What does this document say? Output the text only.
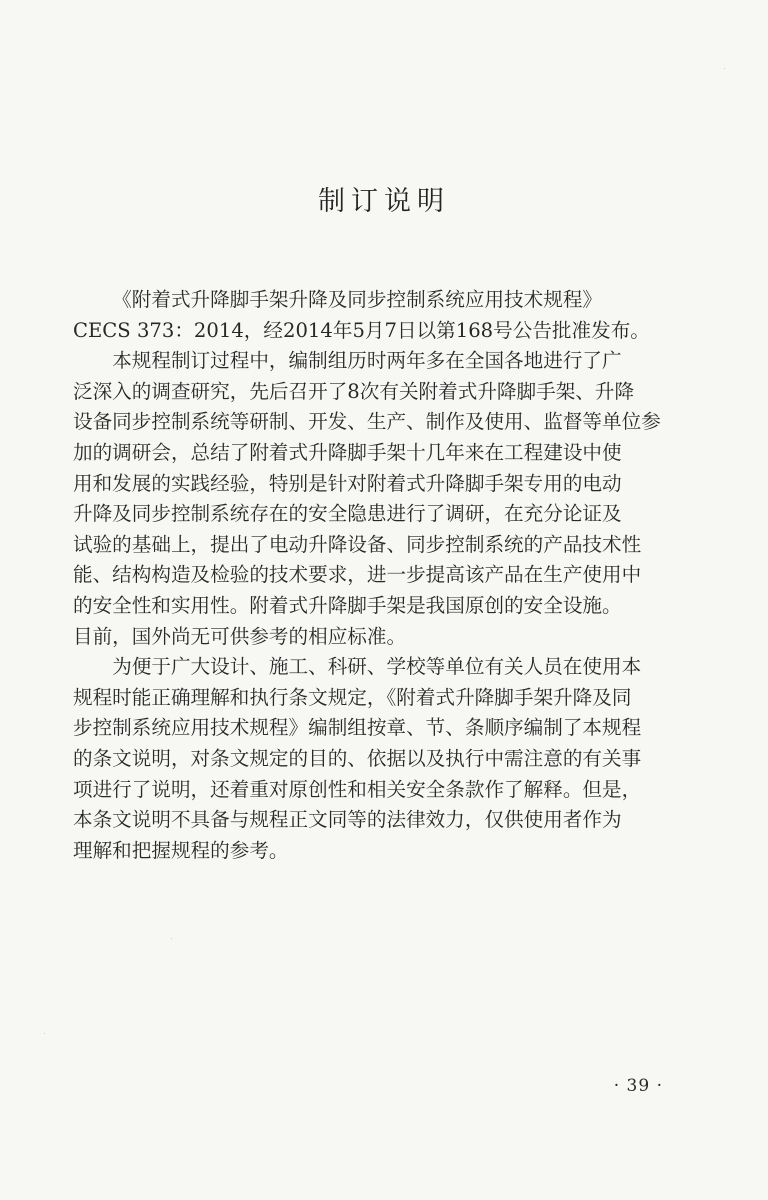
制订说明

《附着式升降脚手架升降及同步控制系统应用技术规程》

CECS 373：2014，经2014年5月7日以第168号公告批准发布。

本规程制订过程中，编制组历时两年多在全国各地进行了广

泛深入的调查研究，先后召开了8次有关附着式升降脚手架、升降

设备同步控制系统等研制、开发、生产、制作及使用、监督等单位参

加的调研会，总结了附着式升降脚手架十几年来在工程建设中使

用和发展的实践经验，特别是针对附着式升降脚手架专用的电动

升降及同步控制系统存在的安全隐患进行了调研，在充分论证及

试验的基础上，提出了电动升降设备、同步控制系统的产品技术性

能、结构构造及检验的技术要求，进一步提高该产品在生产使用中

的安全性和实用性。附着式升降脚手架是我国原创的安全设施。

目前，国外尚无可供参考的相应标准。

为便于广大设计、施工、科研、学校等单位有关人员在使用本

规程时能正确理解和执行条文规定，《附着式升降脚手架升降及同

步控制系统应用技术规程》编制组按章、节、条顺序编制了本规程

的条文说明，对条文规定的目的、依据以及执行中需注意的有关事

项进行了说明，还着重对原创性和相关安全条款作了解释。但是，

本条文说明不具备与规程正文同等的法律效力，仅供使用者作为

理解和把握规程的参考。

· 39 ·
